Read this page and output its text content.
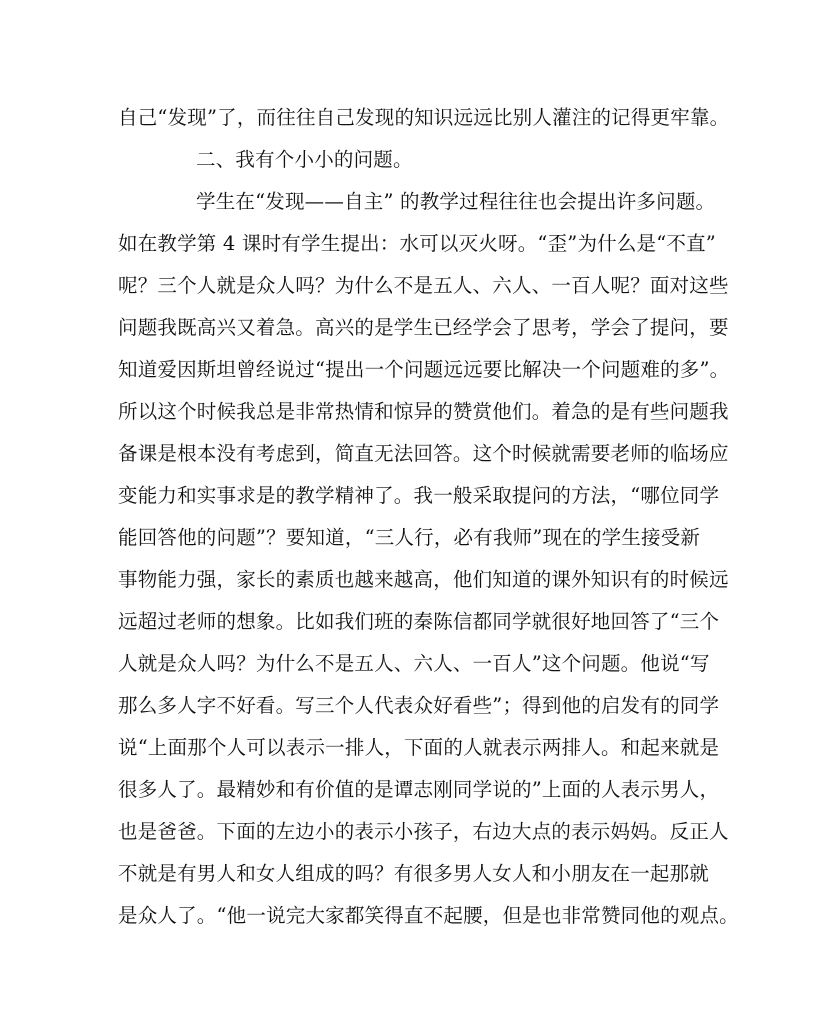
自己“发现”了，而往往自己发现的知识远远比别人灌注的记得更牢靠。
二、我有个小小的问题。
学生在“发现——自主” 的教学过程往往也会提出许多问题。
如在教学第 4 课时有学生提出：水可以灭火呀。“歪”为什么是“不直”
呢？三个人就是众人吗？为什么不是五人、六人、一百人呢？面对这些
问题我既高兴又着急。高兴的是学生已经学会了思考，学会了提问，要
知道爱因斯坦曾经说过“提出一个问题远远要比解决一个问题难的多”。
所以这个时候我总是非常热情和惊异的赞赏他们。着急的是有些问题我
备课是根本没有考虑到，简直无法回答。这个时候就需要老师的临场应
变能力和实事求是的教学精神了。我一般采取提问的方法，“哪位同学
能回答他的问题”？要知道，“三人行，必有我师”现在的学生接受新
事物能力强，家长的素质也越来越高，他们知道的课外知识有的时候远
远超过老师的想象。比如我们班的秦陈信都同学就很好地回答了“三个
人就是众人吗？为什么不是五人、六人、一百人”这个问题。他说“写
那么多人字不好看。写三个人代表众好看些”；得到他的启发有的同学
说“上面那个人可以表示一排人，下面的人就表示两排人。和起来就是
很多人了。最精妙和有价值的是谭志刚同学说的”上面的人表示男人，
也是爸爸。下面的左边小的表示小孩子，右边大点的表示妈妈。反正人
不就是有男人和女人组成的吗？有很多男人女人和小朋友在一起那就
是众人了。“他一说完大家都笑得直不起腰，但是也非常赞同他的观点。
